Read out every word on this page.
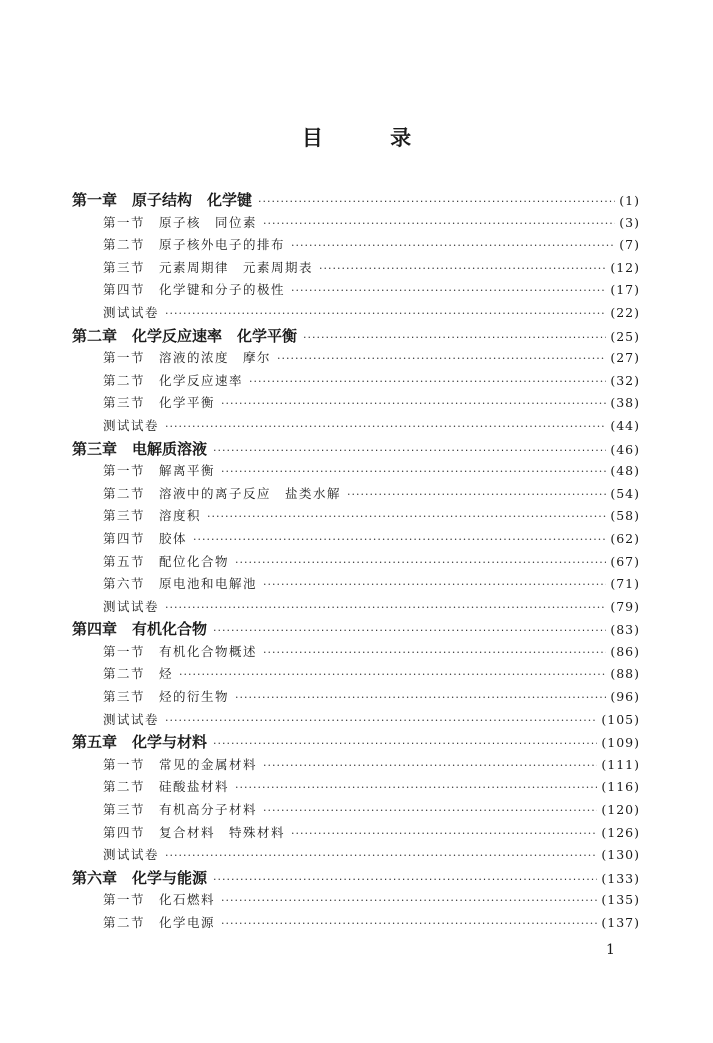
目 录
第一章　原子结构　化学键 ·····	(1)
第一节　原子核　同位素 ·····	(3)
第二节　原子核外电子的排布 ·····	(7)
第三节　元素周期律　元素周期表 ·····	(12)
第四节　化学键和分子的极性 ·····	(17)
测试试卷 ·····	(22)
第二章　化学反应速率　化学平衡 ·····	(25)
第一节　溶液的浓度　摩尔 ·····	(27)
第二节　化学反应速率 ·····	(32)
第三节　化学平衡 ·····	(38)
测试试卷 ·····	(44)
第三章　电解质溶液 ·····	(46)
第一节　解离平衡 ·····	(48)
第二节　溶液中的离子反应　盐类水解 ·····	(54)
第三节　溶度积 ·····	(58)
第四节　胶体 ·····	(62)
第五节　配位化合物 ·····	(67)
第六节　原电池和电解池 ·····	(71)
测试试卷 ·····	(79)
第四章　有机化合物 ·····	(83)
第一节　有机化合物概述 ·····	(86)
第二节　烃 ·····	(88)
第三节　烃的衍生物 ·····	(96)
测试试卷 ·····	(105)
第五章　化学与材料 ·····	(109)
第一节　常见的金属材料 ·····	(111)
第二节　硅酸盐材料 ·····	(116)
第三节　有机高分子材料 ·····	(120)
第四节　复合材料　特殊材料 ·····	(126)
测试试卷 ·····	(130)
第六章　化学与能源 ·····	(133)
第一节　化石燃料 ·····	(135)
第二节　化学电源 ·····	(137)
1
